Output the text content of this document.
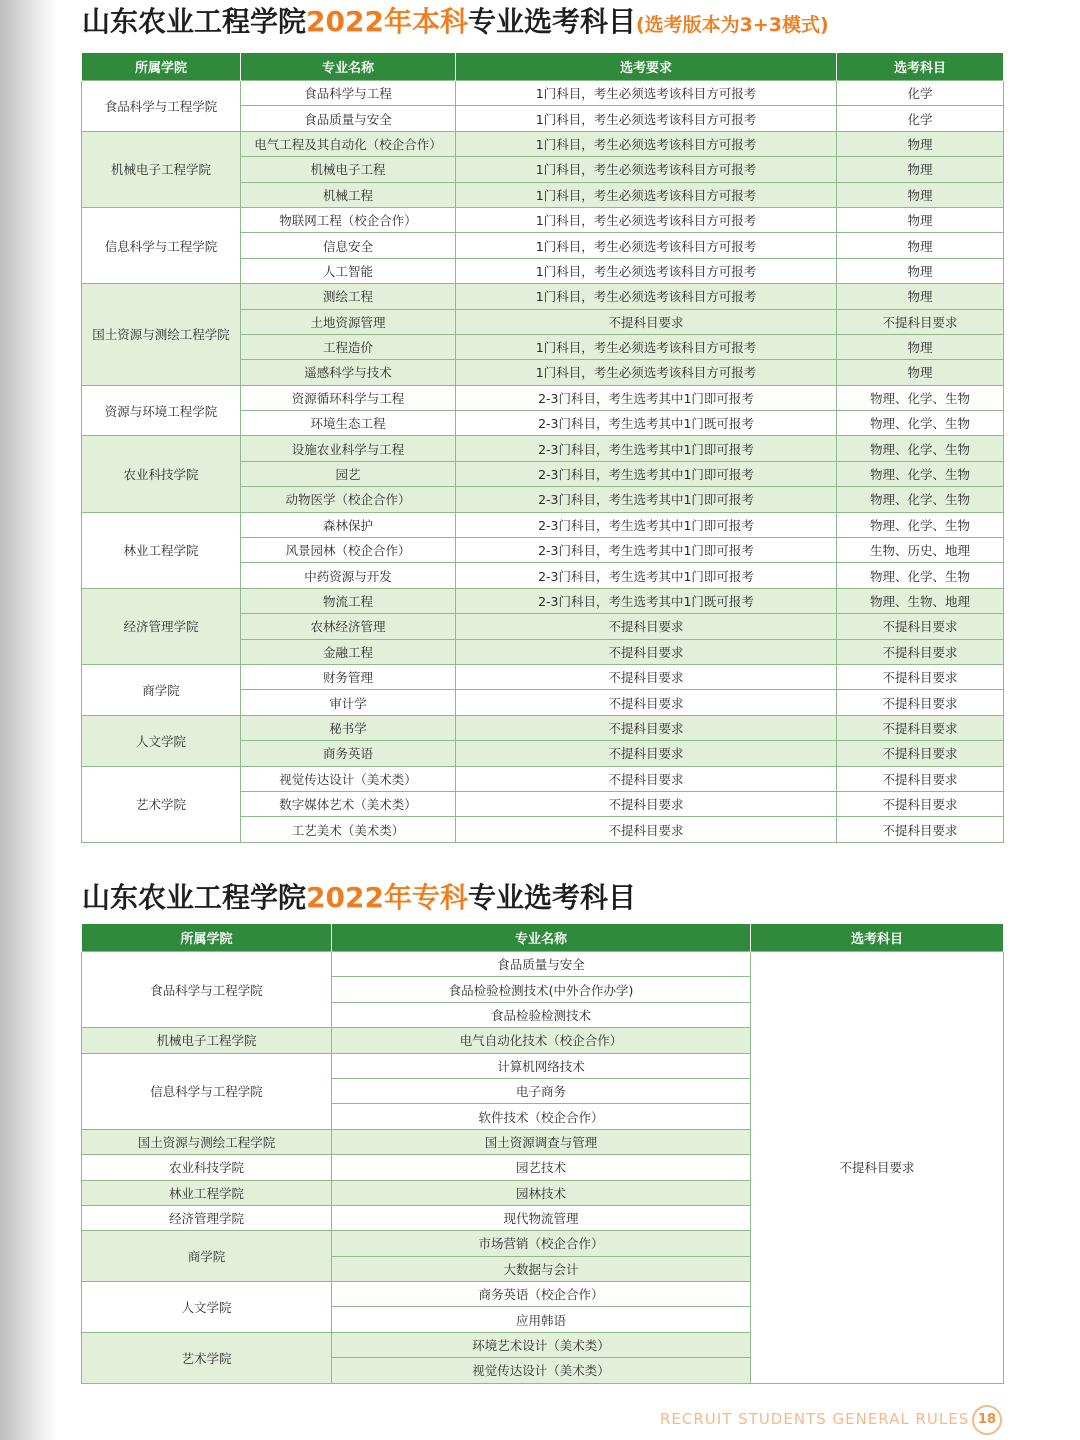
山东农业工程学院2022年本科专业选考科目(选考版本为3+3模式)
所属学院	专业名称	选考要求	选考科目
食品科学与工程学院	食品科学与工程	1门科目，考生必须选考该科目方可报考	化学
	食品质量与安全	1门科目，考生必须选考该科目方可报考	化学
机械电子工程学院	电气工程及其自动化（校企合作）	1门科目，考生必须选考该科目方可报考	物理
	机械电子工程	1门科目，考生必须选考该科目方可报考	物理
	机械工程	1门科目，考生必须选考该科目方可报考	物理
信息科学与工程学院	物联网工程（校企合作）	1门科目，考生必须选考该科目方可报考	物理
	信息安全	1门科目，考生必须选考该科目方可报考	物理
	人工智能	1门科目，考生必须选考该科目方可报考	物理
国土资源与测绘工程学院	测绘工程	1门科目，考生必须选考该科目方可报考	物理
	土地资源管理	不提科目要求	不提科目要求
	工程造价	1门科目，考生必须选考该科目方可报考	物理
	遥感科学与技术	1门科目，考生必须选考该科目方可报考	物理
资源与环境工程学院	资源循环科学与工程	2-3门科目，考生选考其中1门即可报考	物理、化学、生物
	环境生态工程	2-3门科目，考生选考其中1门既可报考	物理、化学、生物
农业科技学院	设施农业科学与工程	2-3门科目，考生选考其中1门即可报考	物理、化学、生物
	园艺	2-3门科目，考生选考其中1门即可报考	物理、化学、生物
	动物医学（校企合作）	2-3门科目，考生选考其中1门即可报考	物理、化学、生物
林业工程学院	森林保护	2-3门科目，考生选考其中1门即可报考	物理、化学、生物
	风景园林（校企合作）	2-3门科目，考生选考其中1门即可报考	生物、历史、地理
	中药资源与开发	2-3门科目，考生选考其中1门即可报考	物理、化学、生物
经济管理学院	物流工程	2-3门科目，考生选考其中1门既可报考	物理、生物、地理
	农林经济管理	不提科目要求	不提科目要求
	金融工程	不提科目要求	不提科目要求
商学院	财务管理	不提科目要求	不提科目要求
	审计学	不提科目要求	不提科目要求
人文学院	秘书学	不提科目要求	不提科目要求
	商务英语	不提科目要求	不提科目要求
艺术学院	视觉传达设计（美术类）	不提科目要求	不提科目要求
	数字媒体艺术（美术类）	不提科目要求	不提科目要求
	工艺美术（美术类）	不提科目要求	不提科目要求
山东农业工程学院2022年专科专业选考科目
所属学院	专业名称	选考科目
食品科学与工程学院	食品质量与安全	不提科目要求
	食品检验检测技术(中外合作办学)	
	食品检验检测技术	
机械电子工程学院	电气自动化技术（校企合作）	
信息科学与工程学院	计算机网络技术	
	电子商务	
	软件技术（校企合作）	
国土资源与测绘工程学院	国土资源调查与管理	
农业科技学院	园艺技术	
林业工程学院	园林技术	
经济管理学院	现代物流管理	
商学院	市场营销（校企合作）	
	大数据与会计	
人文学院	商务英语（校企合作）	
	应用韩语	
艺术学院	环境艺术设计（美术类）	
	视觉传达设计（美术类）	
RECRUIT STUDENTS GENERAL RULES 18
